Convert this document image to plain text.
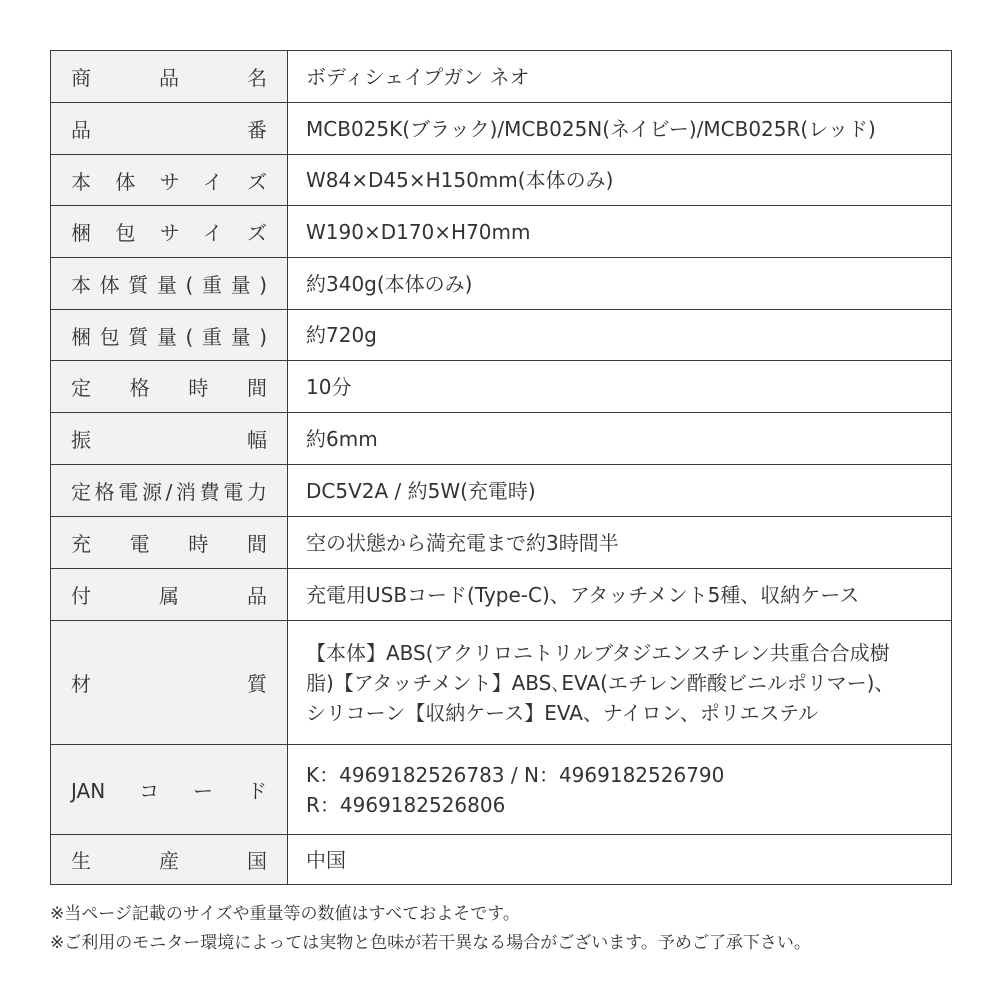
商品名	ボディシェイプガン ネオ

品番	MCB025K(ブラック)/MCB025N(ネイビー)/MCB025R(レッド)

本体サイズ	W84×D45×H150mm(本体のみ)

梱包サイズ	W190×D170×H70mm

本体質量(重量)	約340g(本体のみ)

梱包質量(重量)	約720g

定格時間	10分

振幅	約6mm

定格電源/消費電力	DC5V2A / 約5W(充電時)

充電時間	空の状態から満充電まで約3時間半

付属品	充電用USBコード(Type-C)、アタッチメント5種、収納ケース

材質	【本体】ABS(アクリロニトリルブタジエンスチレン共重合合成樹
脂)【アタッチメント】ABS､EVA(エチレン酢酸ビニルポリマー)、
シリコーン【収納ケース】EVA、ナイロン、ポリエステル

JANコード	K：4969182526783 / N：4969182526790
R：4969182526806

生産国	中国
※当ページ記載のサイズや重量等の数値はすべておよそです。
※ご利用のモニター環境によっては実物と色味が若干異なる場合がございます。予めご了承下さい。
